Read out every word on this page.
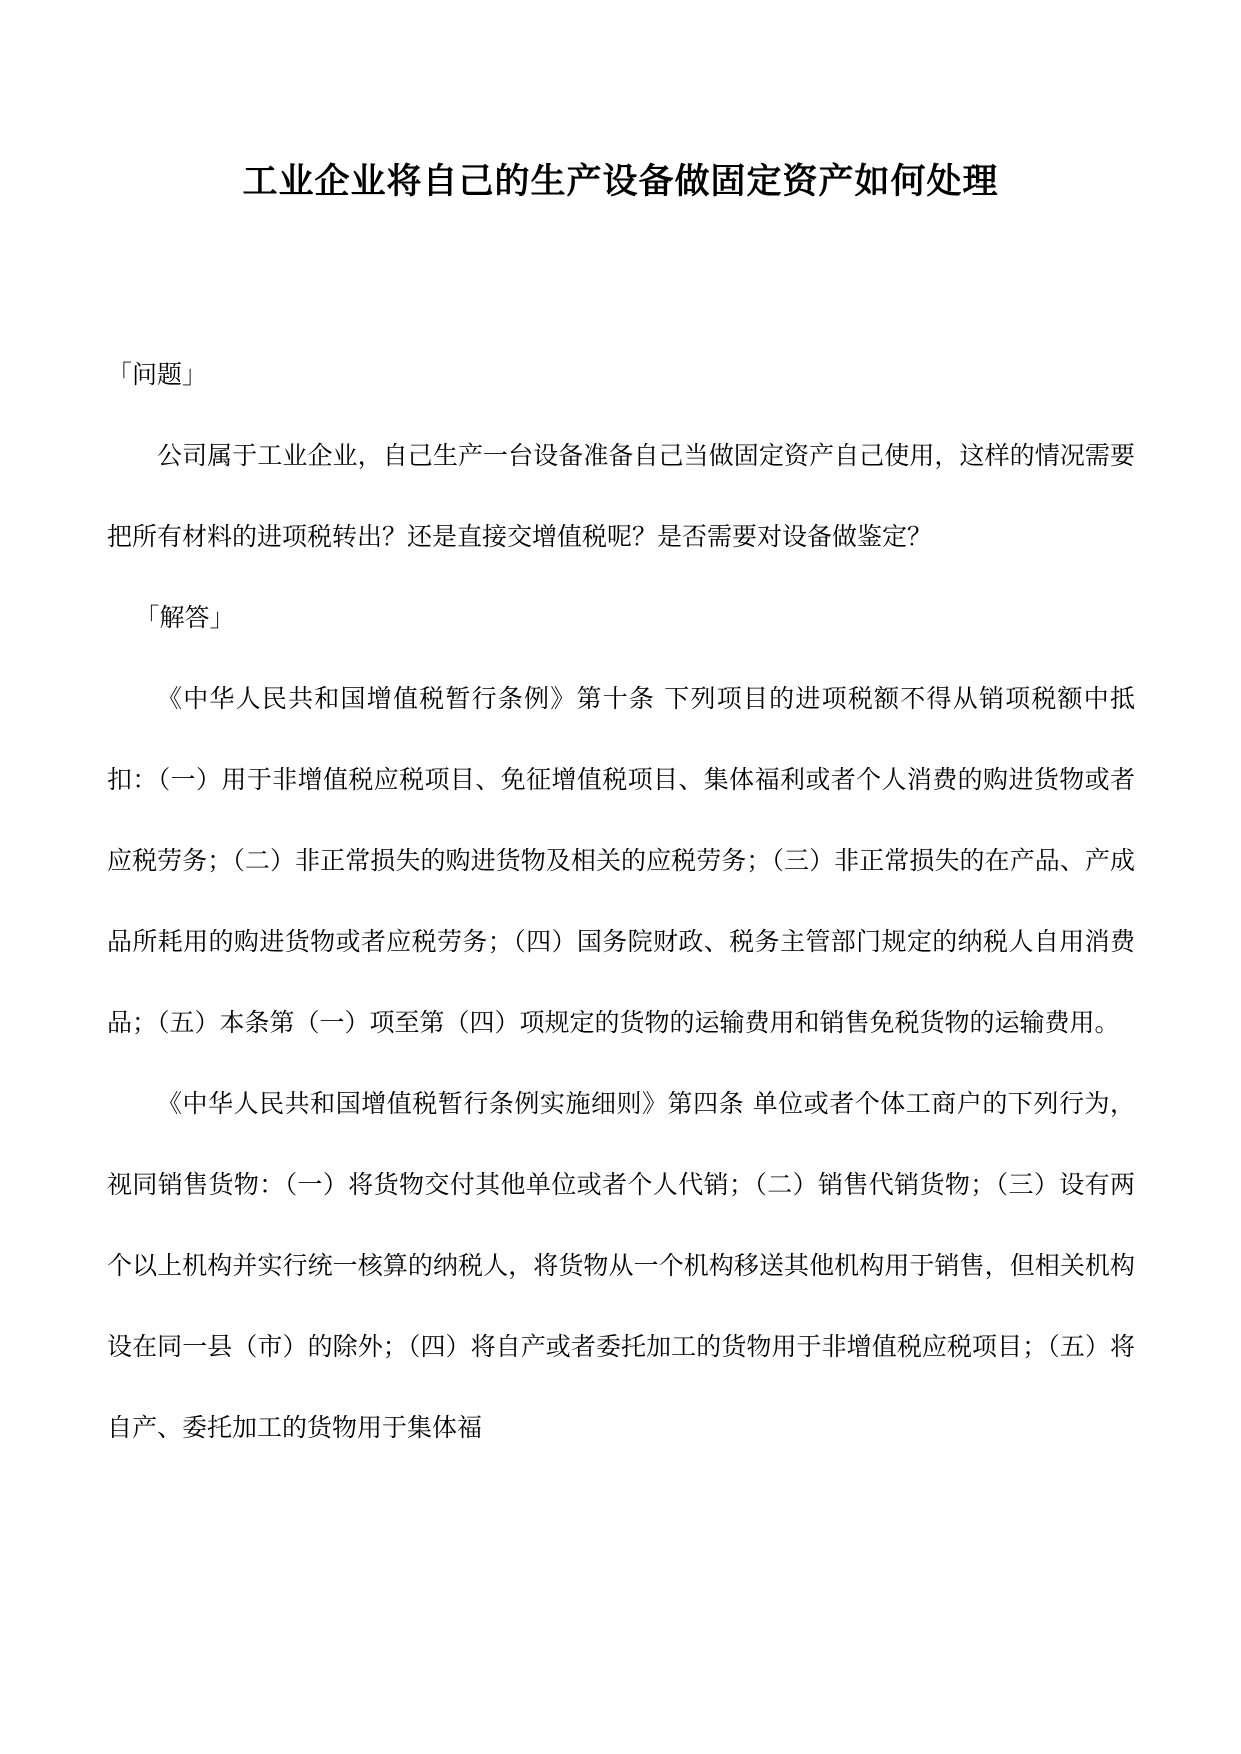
工业企业将自己的生产设备做固定资产如何处理

「问题」

公司属于工业企业，自己生产一台设备准备自己当做固定资产自己使用，这样的情况需要把所有材料的进项税转出？还是直接交增值税呢？是否需要对设备做鉴定？

「解答」

《中华人民共和国增值税暂行条例》第十条 下列项目的进项税额不得从销项税额中抵扣：（一）用于非增值税应税项目、免征增值税项目、集体福利或者个人消费的购进货物或者应税劳务；（二）非正常损失的购进货物及相关的应税劳务；（三）非正常损失的在产品、产成品所耗用的购进货物或者应税劳务；（四）国务院财政、税务主管部门规定的纳税人自用消费品；（五）本条第（一）项至第（四）项规定的货物的运输费用和销售免税货物的运输费用。

《中华人民共和国增值税暂行条例实施细则》第四条 单位或者个体工商户的下列行为，视同销售货物：（一）将货物交付其他单位或者个人代销；（二）销售代销货物；（三）设有两个以上机构并实行统一核算的纳税人，将货物从一个机构移送其他机构用于销售，但相关机构设在同一县（市）的除外；（四）将自产或者委托加工的货物用于非增值税应税项目；（五）将自产、委托加工的货物用于集体福
